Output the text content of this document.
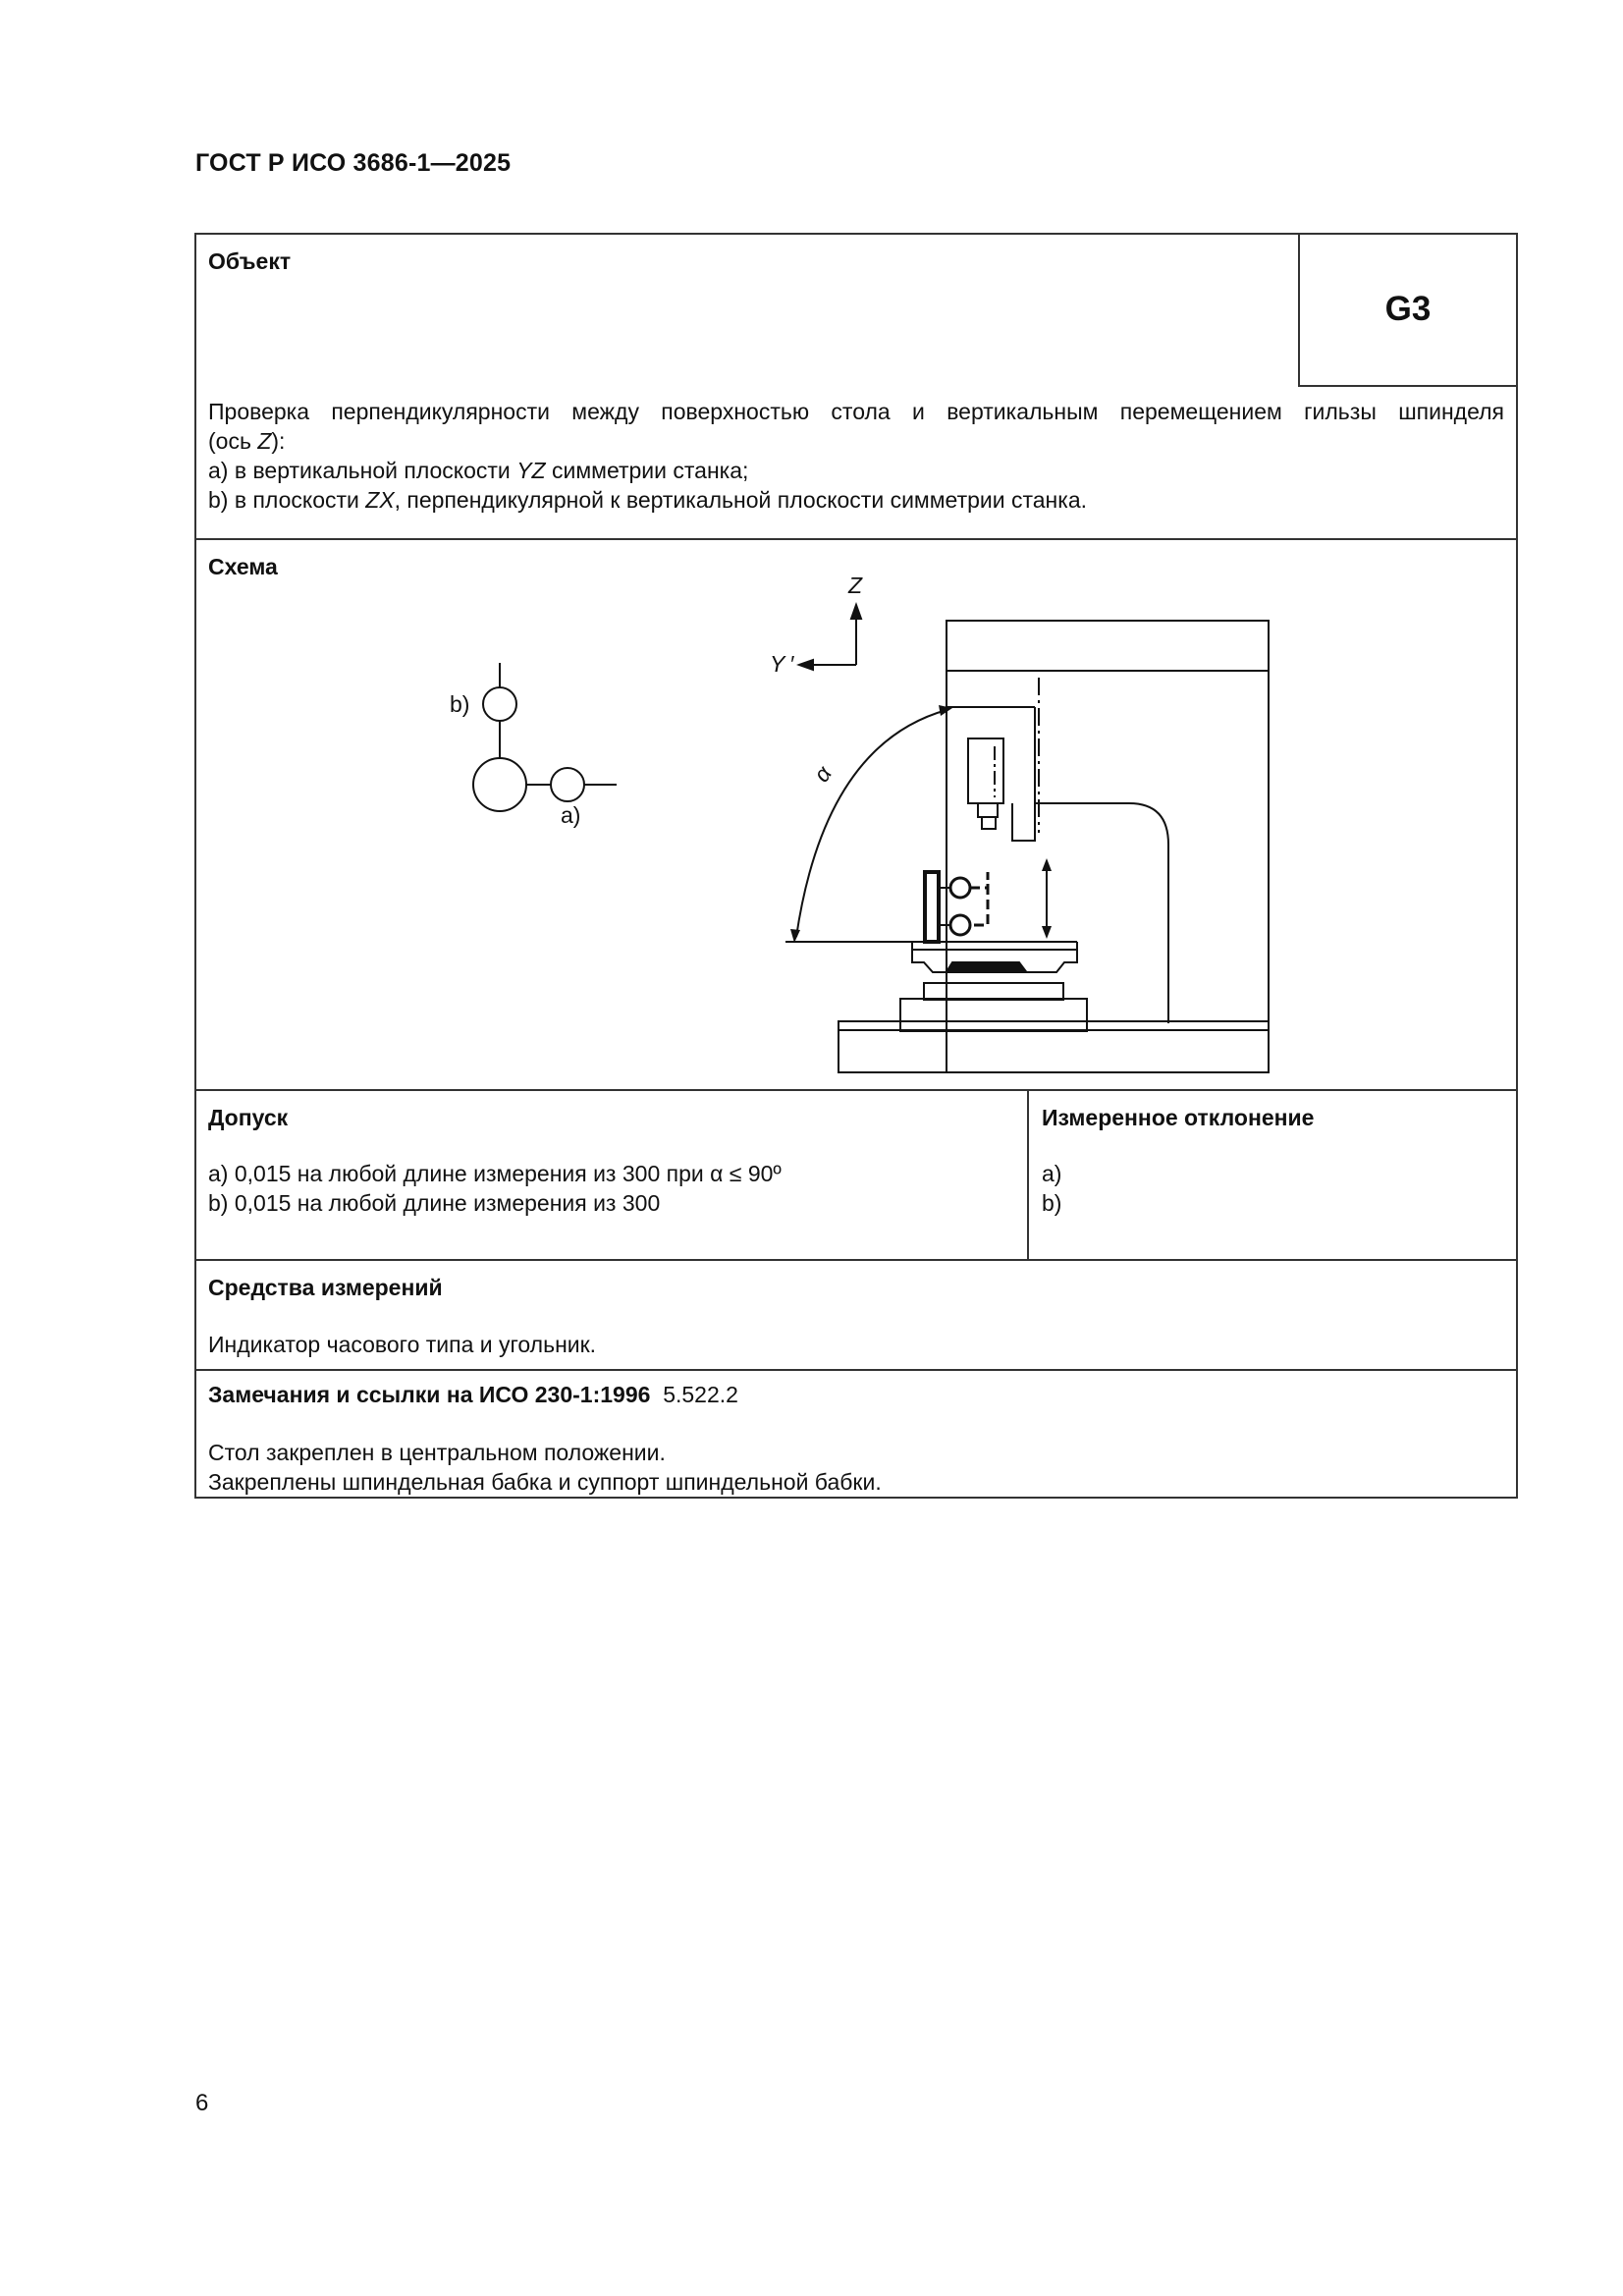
ГОСТ Р ИСО 3686-1—2025
Объект
G3
Проверка перпендикулярности между поверхностью стола и вертикальным перемещением гильзы шпинделя
(ось Z):
a) в вертикальной плоскости YZ симметрии станка;
b) в плоскости ZX, перпендикулярной к вертикальной плоскости симметрии станка.
Схема
b)
a)
Z
Y ′
α
Допуск
a) 0,015 на любой длине измерения из 300 при α ≤ 90º
b) 0,015 на любой длине измерения из 300
Измеренное отклонение
a)
b)
Средства измерений
Индикатор часового типа и угольник.
Замечания и ссылки на ИСО 230-1:1996 5.522.2
Стол закреплен в центральном положении.
Закреплены шпиндельная бабка и суппорт шпиндельной бабки.
6
